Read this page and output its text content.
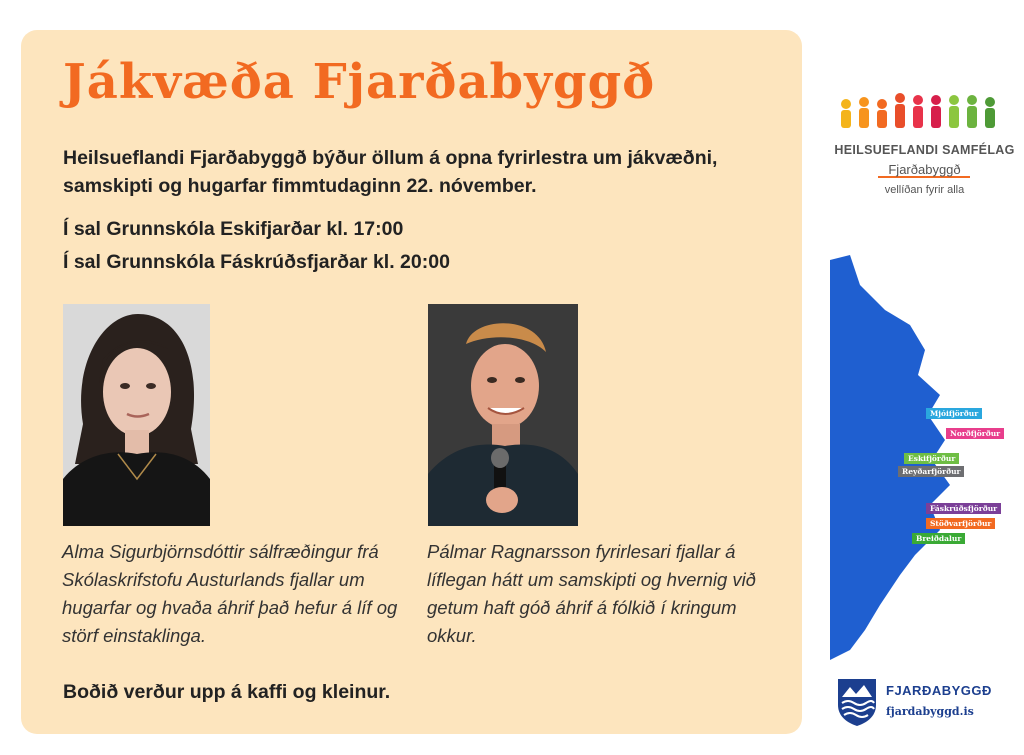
Jákvæða Fjarðabyggð
Heilsueflandi Fjarðabyggð býður öllum á opna fyrirlestra um jákvæðni, samskipti og hugarfar fimmtudaginn 22. nóvember.
Í sal Grunnskóla Eskifjarðar kl. 17:00
Í sal Grunnskóla Fáskrúðsfjarðar kl. 20:00
Alma Sigurbjörnsdóttir sálfræðingur frá Skólaskrifstofu Austurlands fjallar um hugarfar og hvaða áhrif það hefur á líf og störf einstaklinga.
Pálmar Ragnarsson fyrirlesari fjallar á líflegan hátt um samskipti og hvernig við getum haft góð áhrif á fólkið í kringum okkur.
Boðið verður upp á kaffi og kleinur.
HEILSUEFLANDI SAMFÉLAG
Fjarðabyggð
vellíðan fyrir alla
Mjóifjörður
Norðfjörður
Eskifjörður
Reyðarfjörður
Fáskrúðsfjörður
Stöðvarfjörður
Breiðdalur
FJARÐABYGGÐ
fjardabyggd.is
